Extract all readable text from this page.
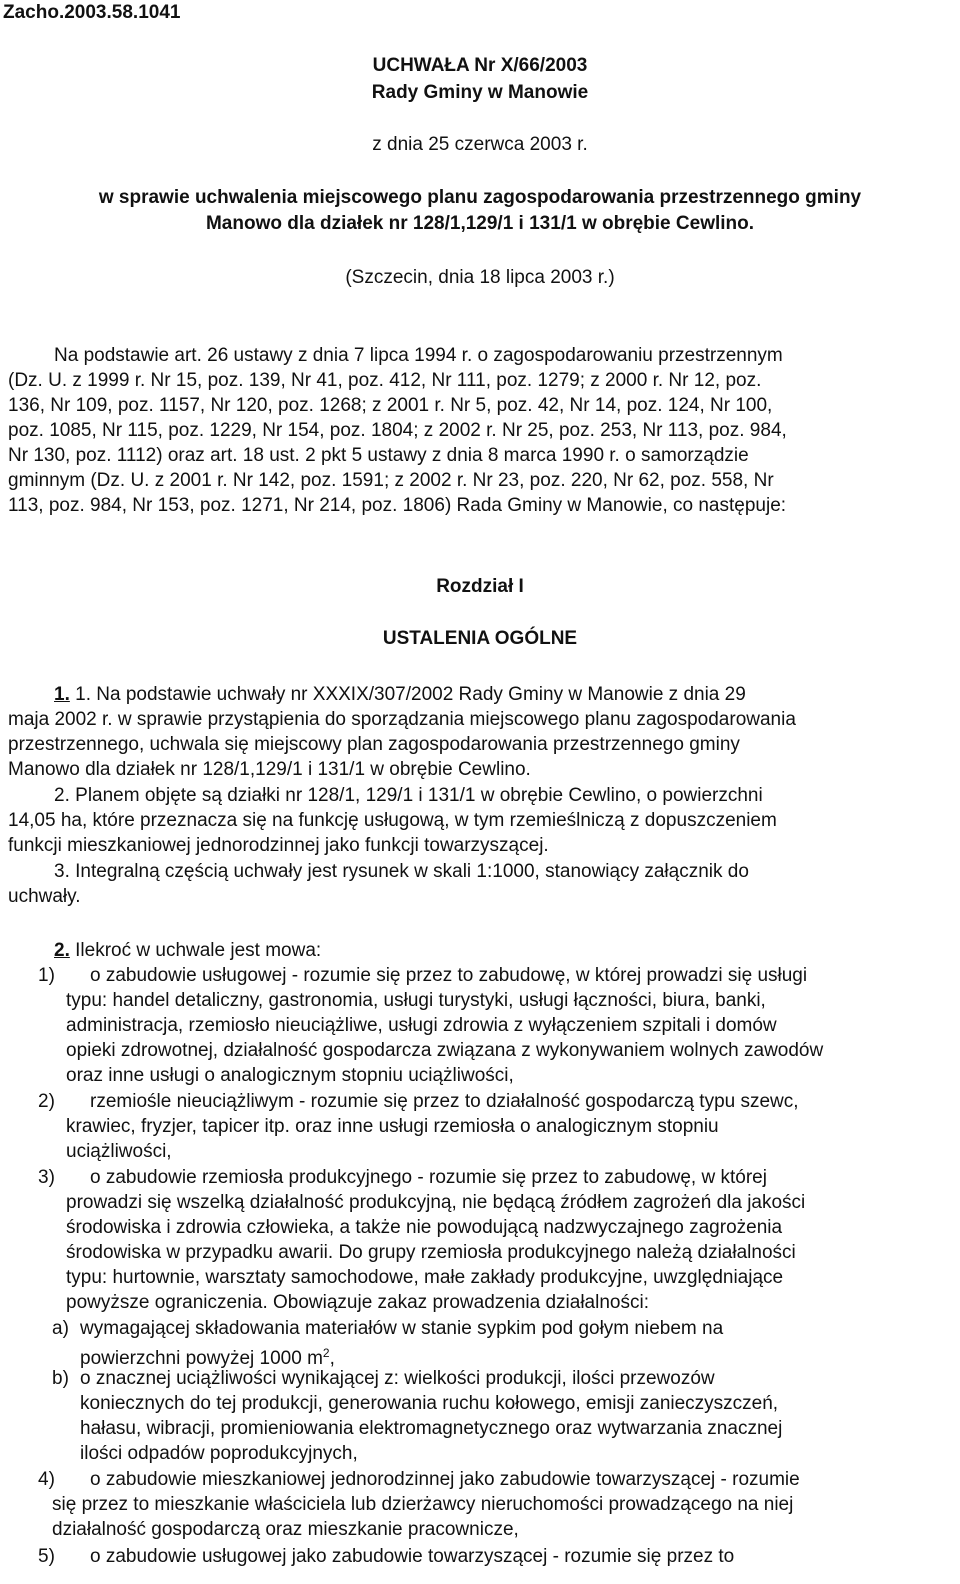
Zacho.2003.58.1041

UCHWAŁA Nr X/66/2003

Rady Gminy w Manowie

z dnia 25 czerwca 2003 r.

w sprawie uchwalenia miejscowego planu zagospodarowania przestrzennego gminy

Manowo dla działek nr 128/1,129/1 i 131/1 w obrębie Cewlino.

(Szczecin, dnia 18 lipca 2003 r.)

Na podstawie art. 26 ustawy z dnia 7 lipca 1994 r. o zagospodarowaniu przestrzennym

(Dz. U. z 1999 r. Nr 15, poz. 139, Nr 41, poz. 412, Nr 111, poz. 1279; z 2000 r. Nr 12, poz.

136, Nr 109, poz. 1157, Nr 120, poz. 1268; z 2001 r. Nr 5, poz. 42, Nr 14, poz. 124, Nr 100,

poz. 1085, Nr 115, poz. 1229, Nr 154, poz. 1804; z 2002 r. Nr 25, poz. 253, Nr 113, poz. 984,

Nr 130, poz. 1112) oraz art. 18 ust. 2 pkt 5 ustawy z dnia 8 marca 1990 r. o samorządzie

gminnym (Dz. U. z 2001 r. Nr 142, poz. 1591; z 2002 r. Nr 23, poz. 220, Nr 62, poz. 558, Nr

113, poz. 984, Nr 153, poz. 1271, Nr 214, poz. 1806) Rada Gminy w Manowie, co następuje:

Rozdział I

USTALENIA OGÓLNE

1. 1. Na podstawie uchwały nr XXXIX/307/2002 Rady Gminy w Manowie z dnia 29

maja 2002 r. w sprawie przystąpienia do sporządzania miejscowego planu zagospodarowania

przestrzennego, uchwala się miejscowy plan zagospodarowania przestrzennego gminy

Manowo dla działek nr 128/1,129/1 i 131/1 w obrębie Cewlino.

2. Planem objęte są działki nr 128/1, 129/1 i 131/1 w obrębie Cewlino, o powierzchni

14,05 ha, które przeznacza się na funkcję usługową, w tym rzemieślniczą z dopuszczeniem

funkcji mieszkaniowej jednorodzinnej jako funkcji towarzyszącej.

3. Integralną częścią uchwały jest rysunek w skali 1:1000, stanowiący załącznik do

uchwały.

2. Ilekroć w uchwale jest mowa:

1) o zabudowie usługowej - rozumie się przez to zabudowę, w której prowadzi się usługi

typu: handel detaliczny, gastronomia, usługi turystyki, usługi łączności, biura, banki,

administracja, rzemiosło nieuciążliwe, usługi zdrowia z wyłączeniem szpitali i domów

opieki zdrowotnej, działalność gospodarcza związana z wykonywaniem wolnych zawodów

oraz inne usługi o analogicznym stopniu uciążliwości,

2) rzemiośle nieuciążliwym - rozumie się przez to działalność gospodarczą typu szewc,

krawiec, fryzjer, tapicer itp. oraz inne usługi rzemiosła o analogicznym stopniu

uciążliwości,

3) o zabudowie rzemiosła produkcyjnego - rozumie się przez to zabudowę, w której

prowadzi się wszelką działalność produkcyjną, nie będącą źródłem zagrożeń dla jakości

środowiska i zdrowia człowieka, a także nie powodującą nadzwyczajnego zagrożenia

środowiska w przypadku awarii. Do grupy rzemiosła produkcyjnego należą działalności

typu: hurtownie, warsztaty samochodowe, małe zakłady produkcyjne, uwzględniające

powyższe ograniczenia. Obowiązuje zakaz prowadzenia działalności:

a) wymagającej składowania materiałów w stanie sypkim pod gołym niebem na

powierzchni powyżej 1000 $m^2$,

b) o znacznej uciążliwości wynikającej z: wielkości produkcji, ilości przewozów

koniecznych do tej produkcji, generowania ruchu kołowego, emisji zanieczyszczeń,

hałasu, wibracji, promieniowania elektromagnetycznego oraz wytwarzania znacznej

ilości odpadów poprodukcyjnych,

4) o zabudowie mieszkaniowej jednorodzinnej jako zabudowie towarzyszącej - rozumie

się przez to mieszkanie właściciela lub dzierżawcy nieruchomości prowadzącego na niej

działalność gospodarczą oraz mieszkanie pracownicze,

5) o zabudowie usługowej jako zabudowie towarzyszącej - rozumie się przez to
